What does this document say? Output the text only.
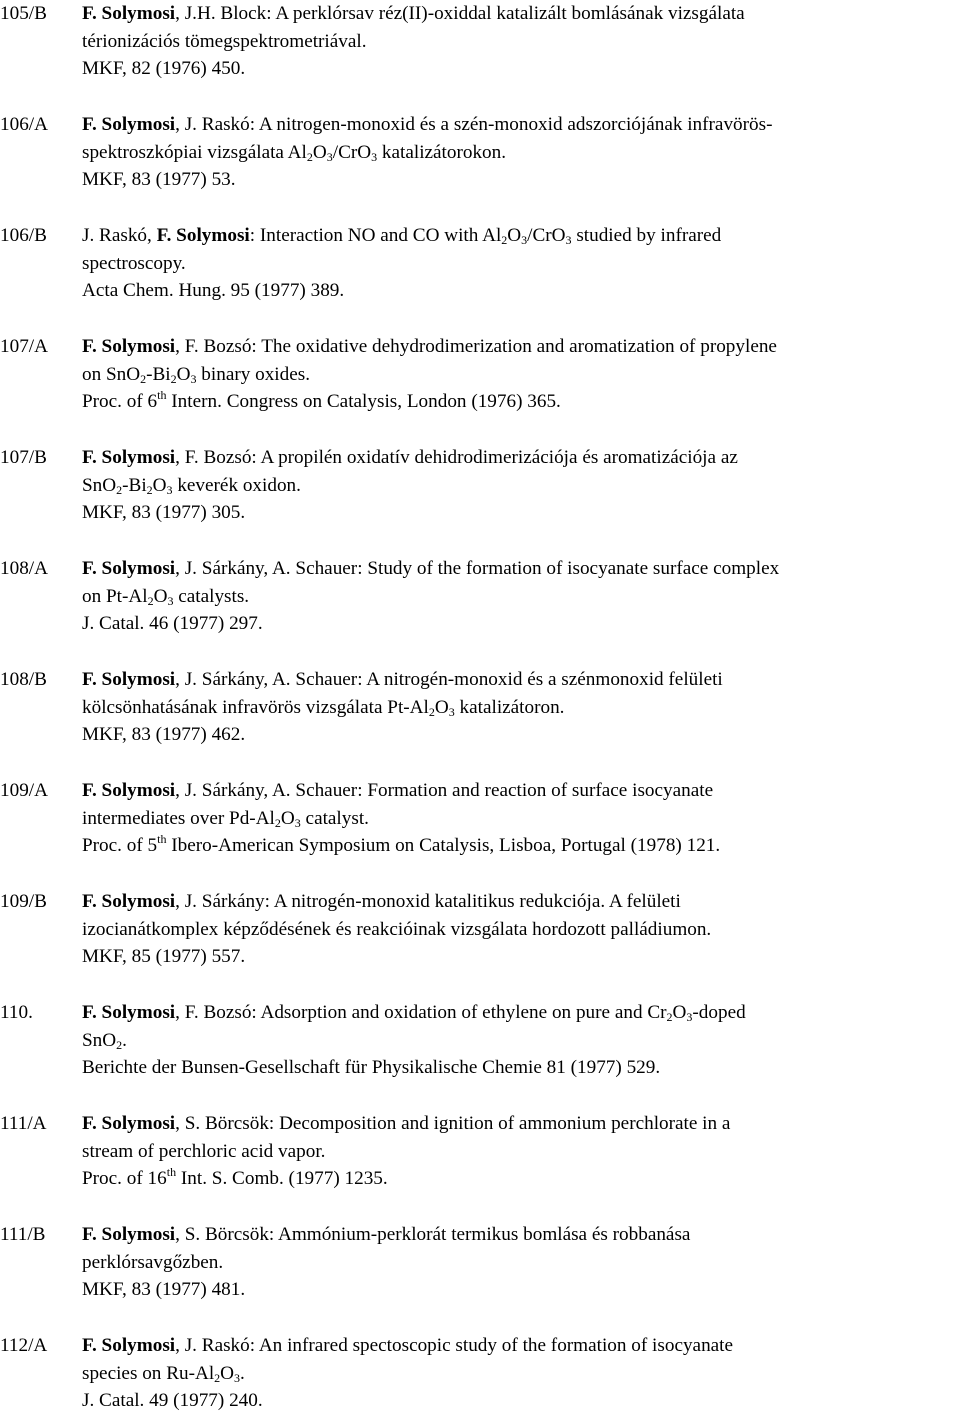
105/B	F. Solymosi, J.H. Block: A perklórsav réz(II)-oxiddal katalizált bomlásának vizsgálata
térionizációs tömegspektrometriával.
MKF, 82 (1976) 450.
106/A	F. Solymosi, J. Raskó: A nitrogen-monoxid és a szén-monoxid adszorciójának infravörös-
spektroszkópiai vizsgálata $Al_2O_3/CrO_3$ katalizátorokon.
MKF, 83 (1977) 53.
106/B	J. Raskó, F. Solymosi: Interaction NO and CO with $Al_2O_3/CrO_3$ studied by infrared
spectroscopy.
Acta Chem. Hung. 95 (1977) 389.
107/A	F. Solymosi, F. Bozsó: The oxidative dehydrodimerization and aromatization of propylene
on $SnO_2-Bi_2O_3$ binary oxides.
Proc. of 6th Intern. Congress on Catalysis, London (1976) 365.
107/B	F. Solymosi, F. Bozsó: A propilén oxidatív dehidrodimerizációja és aromatizációja az
$SnO_2-Bi_2O_3$ keverék oxidon.
MKF, 83 (1977) 305.
108/A	F. Solymosi, J. Sárkány, A. Schauer: Study of the formation of isocyanate surface complex
on $Pt-Al_2O_3$ catalysts.
J. Catal. 46 (1977) 297.
108/B	F. Solymosi, J. Sárkány, A. Schauer: A nitrogén-monoxid és a szénmonoxid felületi
kölcsönhatásának infravörös vizsgálata $Pt-Al_2O_3$ katalizátoron.
MKF, 83 (1977) 462.
109/A	F. Solymosi, J. Sárkány, A. Schauer: Formation and reaction of surface isocyanate
intermediates over $Pd-Al_2O_3$ catalyst.
Proc. of 5th Ibero-American Symposium on Catalysis, Lisboa, Portugal (1978) 121.
109/B	F. Solymosi, J. Sárkány: A nitrogén-monoxid katalitikus redukciója. A felületi
izocianátkomplex képződésének és reakcióinak vizsgálata hordozott palládiumon.
MKF, 85 (1977) 557.
110.	F. Solymosi, F. Bozsó: Adsorption and oxidation of ethylene on pure and $Cr_2O_3$-doped
SnO$_2$.
Berichte der Bunsen-Gesellschaft für Physikalische Chemie 81 (1977) 529.
111/A	F. Solymosi, S. Börcsök: Decomposition and ignition of ammonium perchlorate in a
stream of perchloric acid vapor.
Proc. of 16th Int. S. Comb. (1977) 1235.
111/B	F. Solymosi, S. Börcsök: Ammónium-perklorát termikus bomlása és robbanása
perklórsavgőzben.
MKF, 83 (1977) 481.
112/A	F. Solymosi, J. Raskó: An infrared spectoscopic study of the formation of isocyanate
species on $Ru-Al_2O_3$.
J. Catal. 49 (1977) 240.
